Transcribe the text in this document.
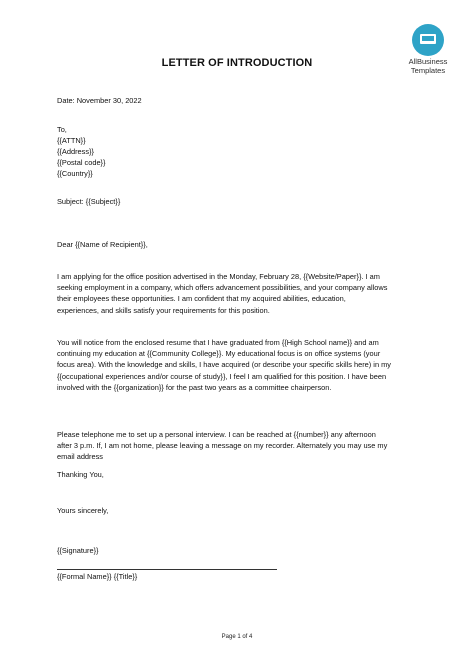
AllBusiness
Templates
LETTER OF INTRODUCTION
Date: November 30, 2022
To,
{{ATTN}}
{{Address}}
{{Postal code}}
{{Country}}
Subject: {{Subject}}
Dear {{Name of Recipient}},
I am applying for the office position advertised in the Monday, February 28, {{Website/Paper}}. I am
seeking employment in a company, which offers advancement possibilities, and your company allows
their employees these opportunities. I am confident that my acquired abilities, education,
experiences, and skills satisfy your requirements for this position.
You will notice from the enclosed resume that I have graduated from {{High School name}} and am
continuing my education at {{Community College}}. My educational focus is on office systems (your
focus area). With the knowledge and skills, I have acquired (or describe your specific skills here) in my
{{occupational experiences and/or course of study}}, I feel I am qualified for this position. I have been
involved with the {{organization}} for the past two years as a committee chairperson.
Please telephone me to set up a personal interview. I can be reached at {{number}} any afternoon
after 3 p.m. If, I am not home, please leaving a message on my recorder. Alternately you may use my
email address
Thanking You,
Yours sincerely,
{{Signature}}
{{Formal Name}} {{Title}}
Page 1 of 4
